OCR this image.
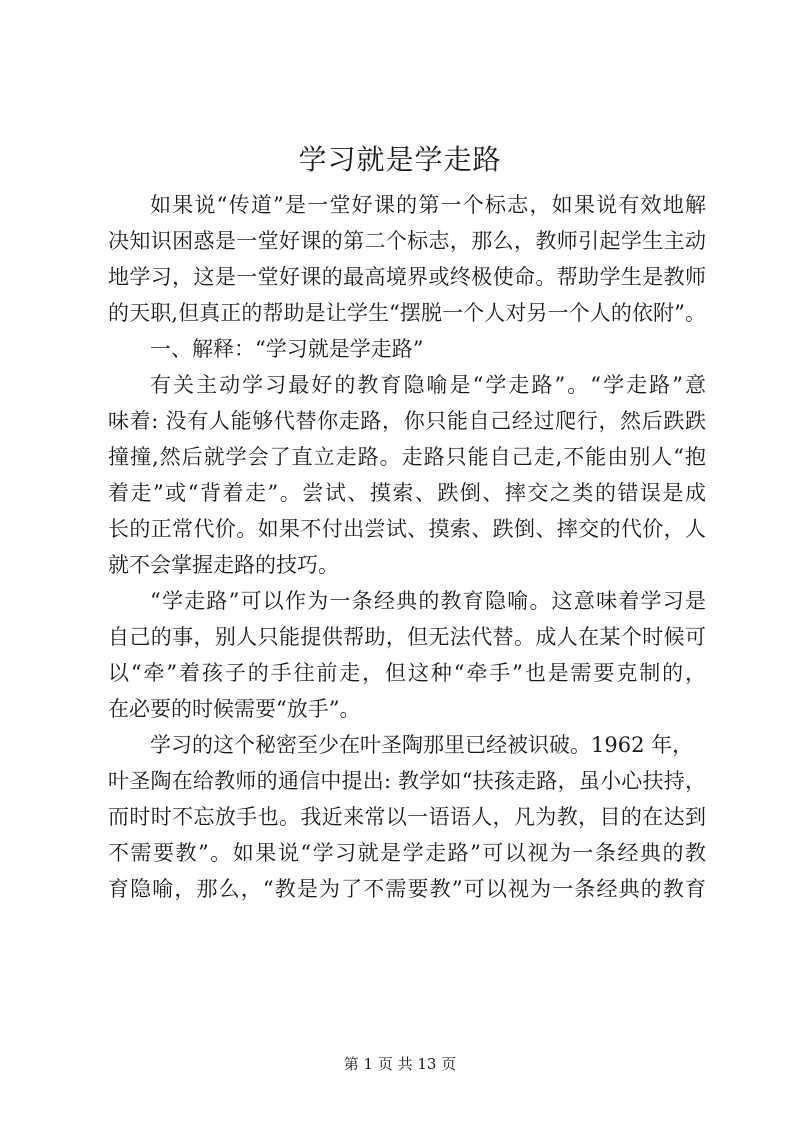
学习就是学走路
如果说“传道”是一堂好课的第一个标志，如果说有效地解
决知识困惑是一堂好课的第二个标志，那么，教师引起学生主动
地学习，这是一堂好课的最高境界或终极使命。帮助学生是教师
的天职,但真正的帮助是让学生“摆脱一个人对另一个人的依附”。
一、解释：“学习就是学走路”
有关主动学习最好的教育隐喻是“学走路”。“学走路”意
味着: 没有人能够代替你走路，你只能自己经过爬行，然后跌跌
撞撞,然后就学会了直立走路。走路只能自己走,不能由别人“抱
着走”或“背着走”。尝试、摸索、跌倒、摔交之类的错误是成
长的正常代价。如果不付出尝试、摸索、跌倒、摔交的代价，人
就不会掌握走路的技巧。
“学走路”可以作为一条经典的教育隐喻。这意味着学习是
自己的事，别人只能提供帮助，但无法代替。成人在某个时候可
以“牵”着孩子的手往前走，但这种“牵手”也是需要克制的，
在必要的时候需要“放手”。
学习的这个秘密至少在叶圣陶那里已经被识破。1962 年，
叶圣陶在给教师的通信中提出: 教学如“扶孩走路，虽小心扶持，
而时时不忘放手也。我近来常以一语语人，凡为教，目的在达到
不需要教”。如果说“学习就是学走路”可以视为一条经典的教
育隐喻，那么，“教是为了不需要教”可以视为一条经典的教育
第 1 页 共 13 页
